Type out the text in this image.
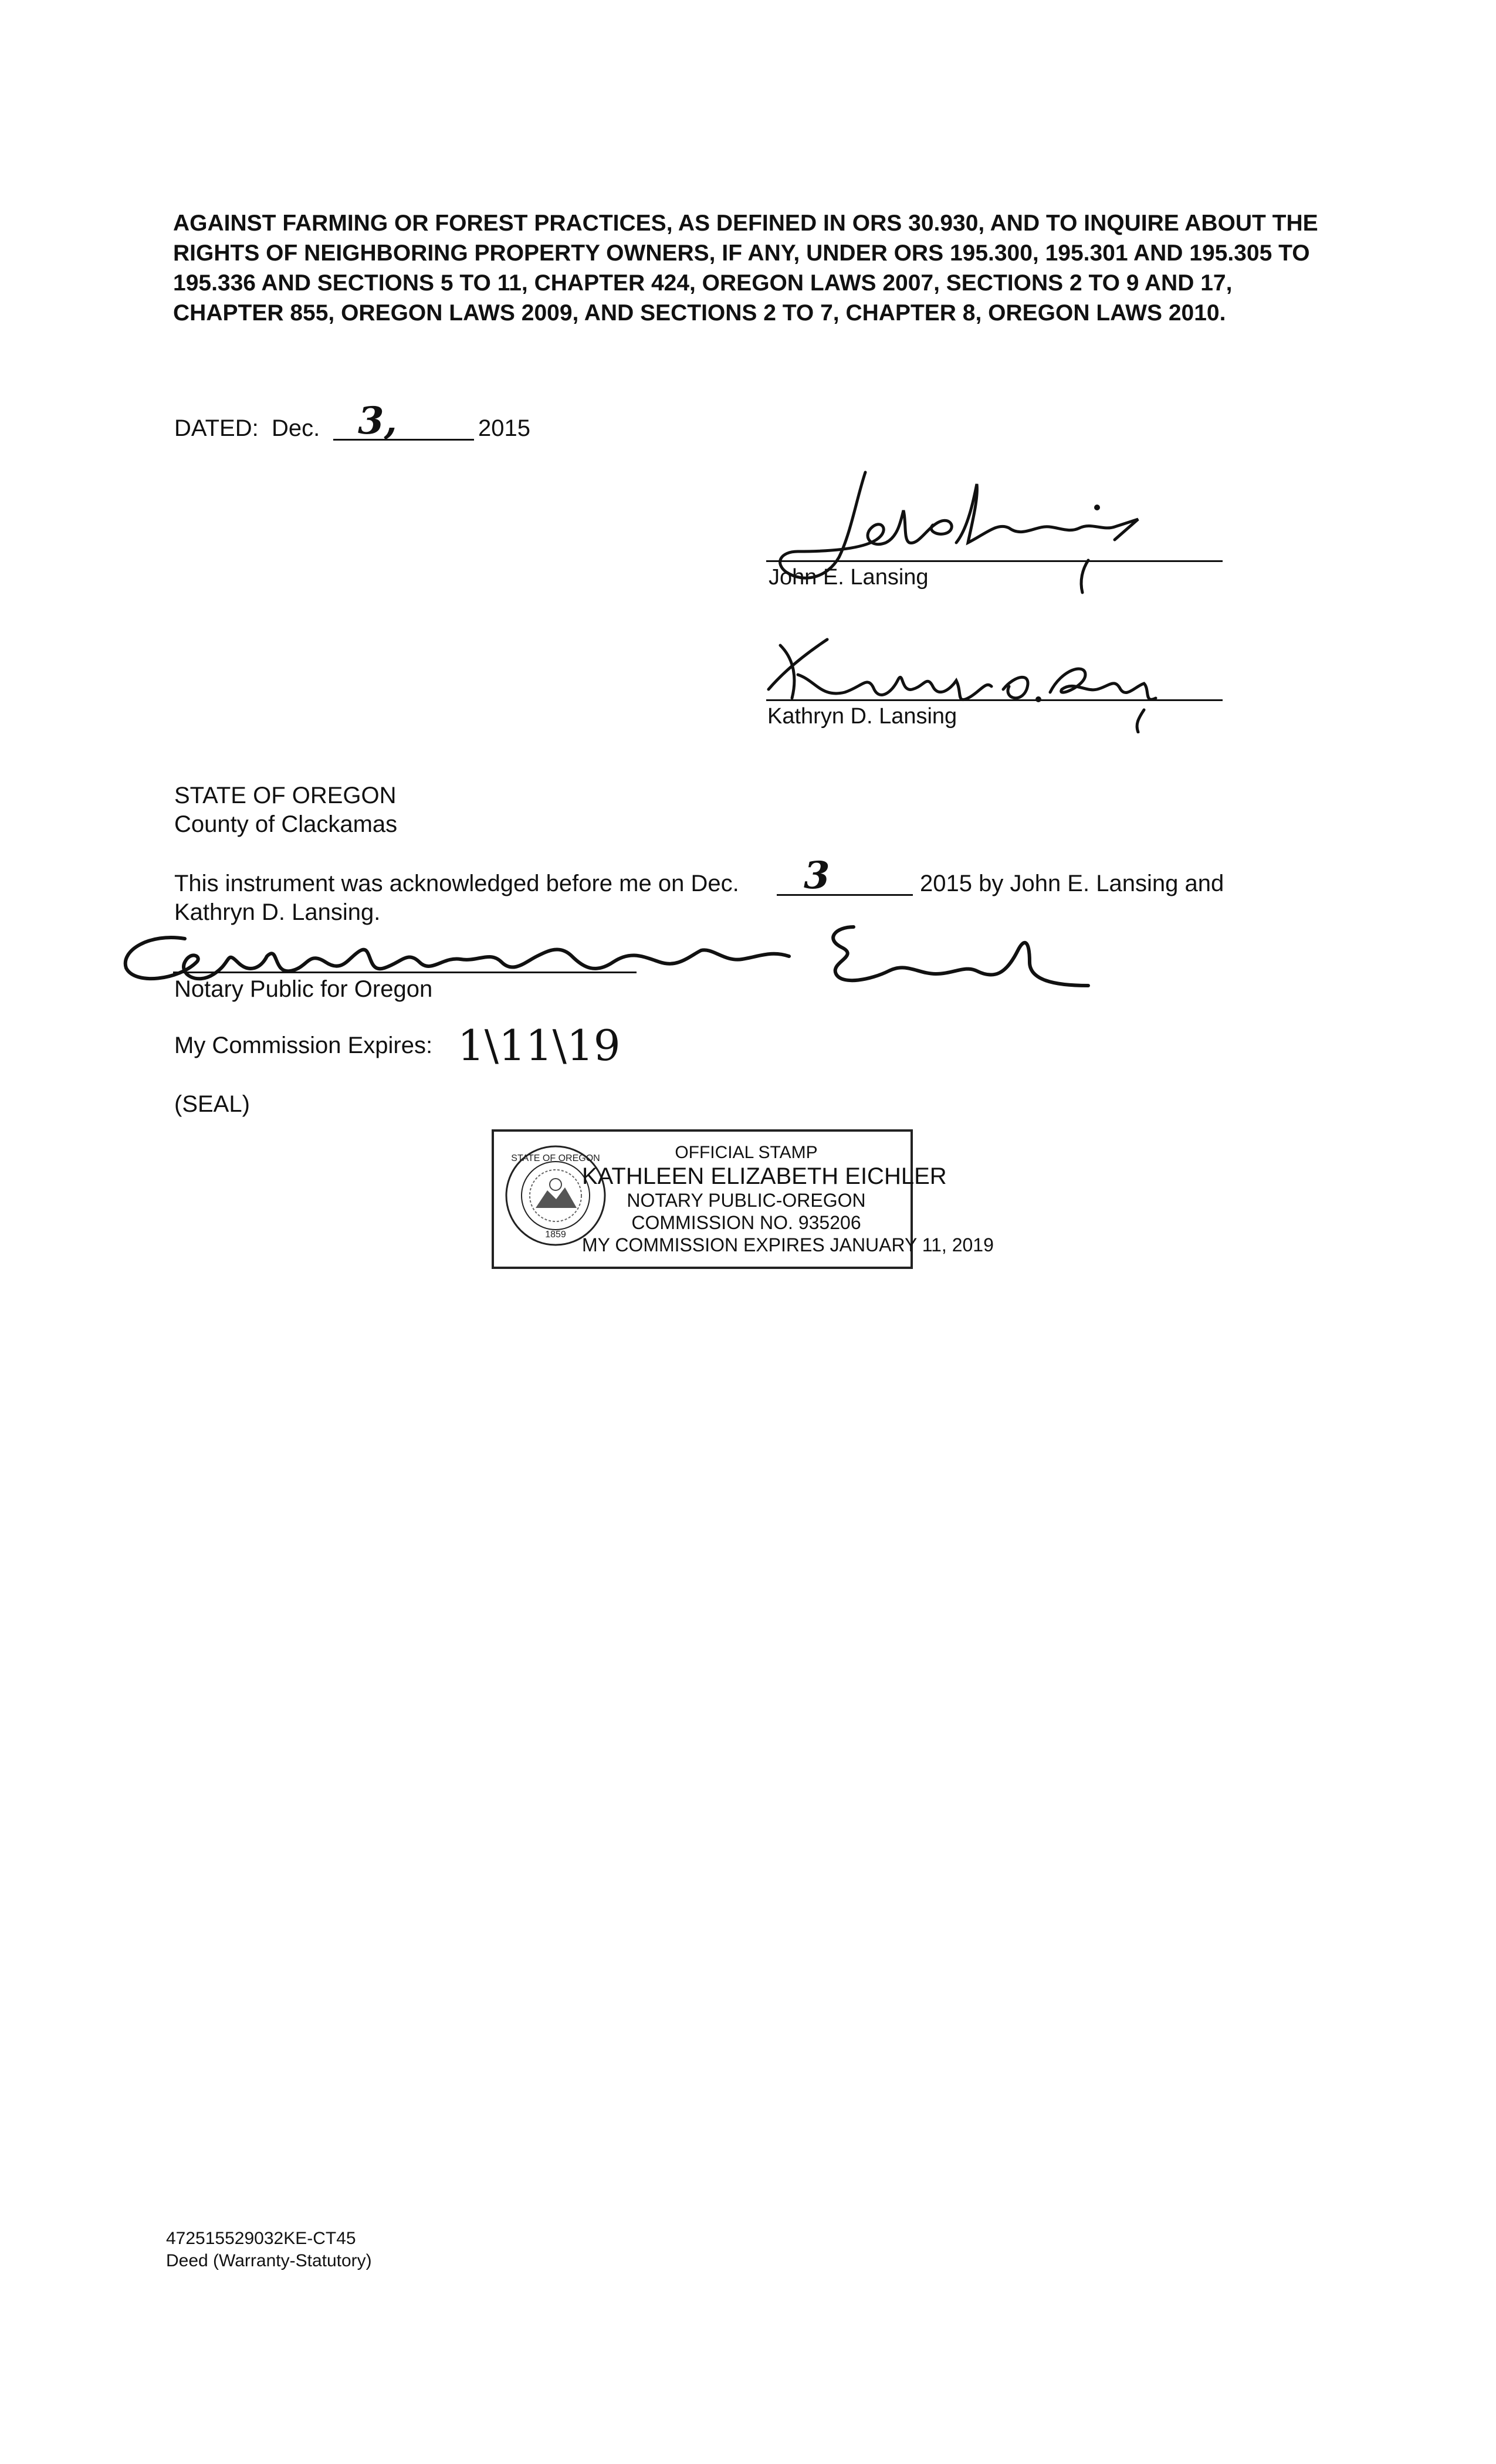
AGAINST FARMING OR FOREST PRACTICES, AS DEFINED IN ORS 30.930, AND TO INQUIRE ABOUT THE RIGHTS OF NEIGHBORING PROPERTY OWNERS, IF ANY, UNDER ORS 195.300, 195.301 AND 195.305 TO 195.336 AND SECTIONS 5 TO 11, CHAPTER 424, OREGON LAWS 2007, SECTIONS 2 TO 9 AND 17, CHAPTER 855, OREGON LAWS 2009, AND SECTIONS 2 TO 7, CHAPTER 8, OREGON LAWS 2010.
DATED: Dec. 3,	2015
John E. Lansing
John E. Lansing
Kathryn D. Lansing
Kathryn D. Lansing
STATE OF OREGON
County of Clackamas
This instrument was acknowledged before me on Dec. 3	2015 by John E. Lansing and
Kathryn D. Lansing.
Kathleen Elizabeth Eichler
Notary Public for Oregon
My Commission Expires: 1\11\19
(SEAL)
STATE OF OREGON
1859
OFFICIAL STAMP
KATHLEEN ELIZABETH EICHLER
NOTARY PUBLIC-OREGON
COMMISSION NO. 935206
MY COMMISSION EXPIRES JANUARY 11, 2019
472515529032KE-CT45
Deed (Warranty-Statutory)
